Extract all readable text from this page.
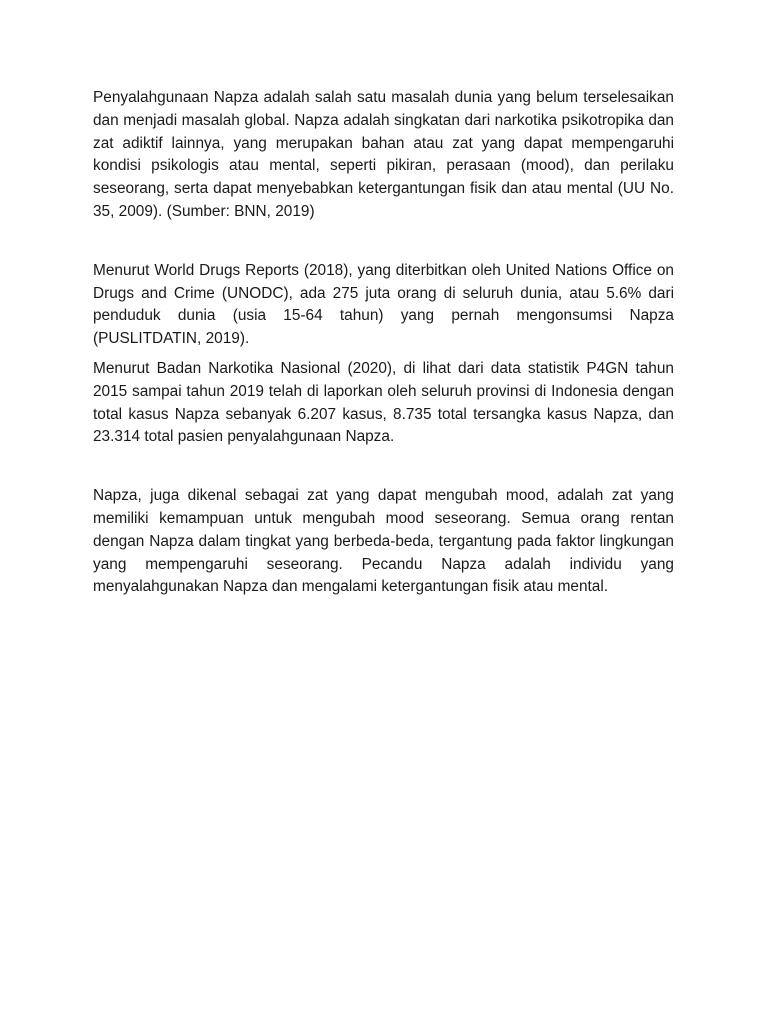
Penyalahgunaan Napza adalah salah satu masalah dunia yang belum terselesaikan dan menjadi masalah global. Napza adalah singkatan dari narkotika psikotropika dan zat adiktif lainnya, yang merupakan bahan atau zat yang dapat mempengaruhi kondisi psikologis atau mental, seperti pikiran, perasaan (mood), dan perilaku seseorang, serta dapat menyebabkan ketergantungan fisik dan atau mental (UU No. 35, 2009). (Sumber: BNN, 2019)

Menurut World Drugs Reports (2018), yang diterbitkan oleh United Nations Office on Drugs and Crime (UNODC), ada 275 juta orang di seluruh dunia, atau 5.6% dari penduduk dunia (usia 15-64 tahun) yang pernah mengonsumsi Napza (PUSLITDATIN, 2019).

Menurut Badan Narkotika Nasional (2020), di lihat dari data statistik P4GN tahun 2015 sampai tahun 2019 telah di laporkan oleh seluruh provinsi di Indonesia dengan total kasus Napza sebanyak 6.207 kasus, 8.735 total tersangka kasus Napza, dan 23.314 total pasien penyalahgunaan Napza.

Napza, juga dikenal sebagai zat yang dapat mengubah mood, adalah zat yang memiliki kemampuan untuk mengubah mood seseorang. Semua orang rentan dengan Napza dalam tingkat yang berbeda-beda, tergantung pada faktor lingkungan yang mempengaruhi seseorang. Pecandu Napza adalah individu yang menyalahgunakan Napza dan mengalami ketergantungan fisik atau mental.
